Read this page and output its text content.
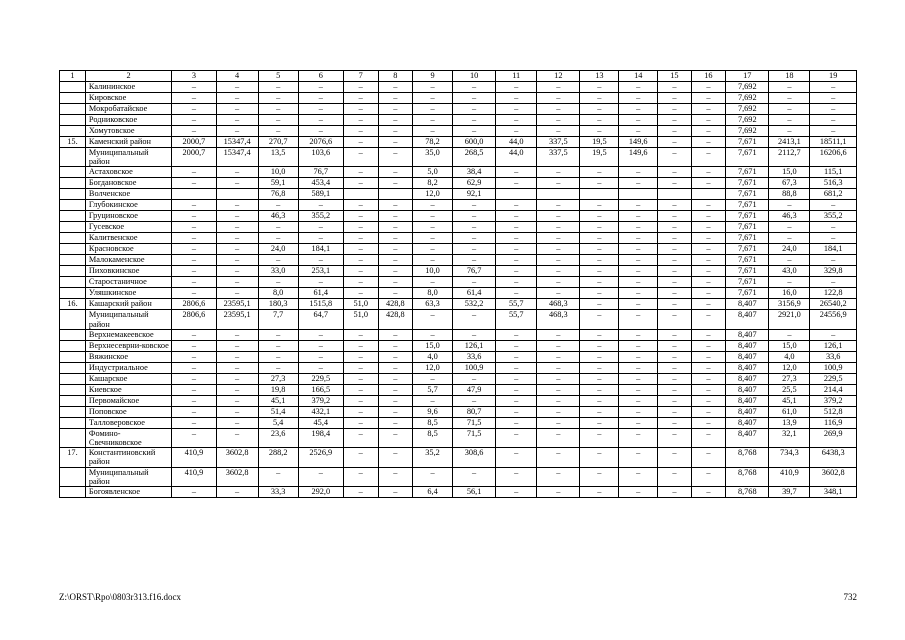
1	2	3	4	5	6	7	8	9	10	11	12	13	14	15	16	17	18	19
	Калининское	–	–	–	–	–	–	–	–	–	–	–	–	–	–	7,692	–	–
	Кировское	–	–	–	–	–	–	–	–	–	–	–	–	–	–	7,692	–	–
	Мокробатайское	–	–	–	–	–	–	–	–	–	–	–	–	–	–	7,692	–	–
	Родниковское	–	–	–	–	–	–	–	–	–	–	–	–	–	–	7,692	–	–
	Хомутовское	–	–	–	–	–	–	–	–	–	–	–	–	–	–	7,692	–	–
15.	Каменский район	2000,7	15347,4	270,7	2076,6	–	–	78,2	600,0	44,0	337,5	19,5	149,6	–	–	7,671	2413,1	18511,1
	Муниципальный район	2000,7	15347,4	13,5	103,6	–	–	35,0	268,5	44,0	337,5	19,5	149,6	–	–	7,671	2112,7	16206,6
	Астаховское	–	–	10,0	76,7	–	–	5,0	38,4	–	–	–	–	–	–	7,671	15,0	115,1
	Богдановское	–	–	59,1	453,4	–	–	8,2	62,9	–	–	–	–	–	–	7,671	67,3	516,3
	Волченское			76,8	589,1			12,0	92,1							7,671	88,8	681,2
	Глубокинское	–	–	–	–	–	–	–	–	–	–	–	–	–	–	7,671	–	–
	Груциновское	–	–	46,3	355,2	–	–	–	–	–	–	–	–	–	–	7,671	46,3	355,2
	Гусевское	–	–	–	–	–	–	–	–	–	–	–	–	–	–	7,671	–	–
	Калитвенское	–	–	–	–	–	–	–	–	–	–	–	–	–	–	7,671	–	–
	Красновское	–	–	24,0	184,1	–	–	–	–	–	–	–	–	–	–	7,671	24,0	184,1
	Малокаменское	–	–	–	–	–	–	–	–	–	–	–	–	–	–	7,671	–	–
	Пиховкинское	–	–	33,0	253,1	–	–	10,0	76,7	–	–	–	–	–	–	7,671	43,0	329,8
	Старостаничное	–	–	–	–	–	–	–	–	–	–	–	–	–	–	7,671	–	–
	Уляшкинское	–	–	8,0	61,4	–	–	8,0	61,4	–	–	–	–	–	–	7,671	16,0	122,8
16.	Кашарский район	2806,6	23595,1	180,3	1515,8	51,0	428,8	63,3	532,2	55,7	468,3	–	–	–	–	8,407	3156,9	26540,2
	Муниципальный район	2806,6	23595,1	7,7	64,7	51,0	428,8	–	–	55,7	468,3	–	–	–	–	8,407	2921,0	24556,9
	Верхнемакеевское	–	–	–	–	–	–	–	–	–	–	–	–	–	–	8,407	–	–
	Верхнесеврни-ковское	–	–	–	–	–	–	15,0	126,1	–	–	–	–	–	–	8,407	15,0	126,1
	Вяжинское	–	–	–	–	–	–	4,0	33,6	–	–	–	–	–	–	8,407	4,0	33,6
	Индустриальное	–	–	–	–	–	–	12,0	100,9	–	–	–	–	–	–	8,407	12,0	100,9
	Кашарское	–	–	27,3	229,5	–	–	–	–	–	–	–	–	–	–	8,407	27,3	229,5
	Киевское	–	–	19,8	166,5	–	–	5,7	47,9	–	–	–	–	–	–	8,407	25,5	214,4
	Первомайское	–	–	45,1	379,2	–	–	–	–	–	–	–	–	–	–	8,407	45,1	379,2
	Поповское	–	–	51,4	432,1	–	–	9,6	80,7	–	–	–	–	–	–	8,407	61,0	512,8
	Талловеровское	–	–	5,4	45,4	–	–	8,5	71,5	–	–	–	–	–	–	8,407	13,9	116,9
	Фомино-Свечниковское	–	–	23,6	198,4	–	–	8,5	71,5	–	–	–	–	–	–	8,407	32,1	269,9
17.	Константиновский район	410,9	3602,8	288,2	2526,9	–	–	35,2	308,6	–	–	–	–	–	–	8,768	734,3	6438,3
	Муниципальный район	410,9	3602,8	–	–	–	–	–	–	–	–	–	–	–	–	8,768	410,9	3602,8
	Богоявленское	–	–	33,3	292,0	–	–	6,4	56,1	–	–	–	–	–	–	8,768	39,7	348,1
Z:\ORST\Rpo\0803r313.f16.docx	732
